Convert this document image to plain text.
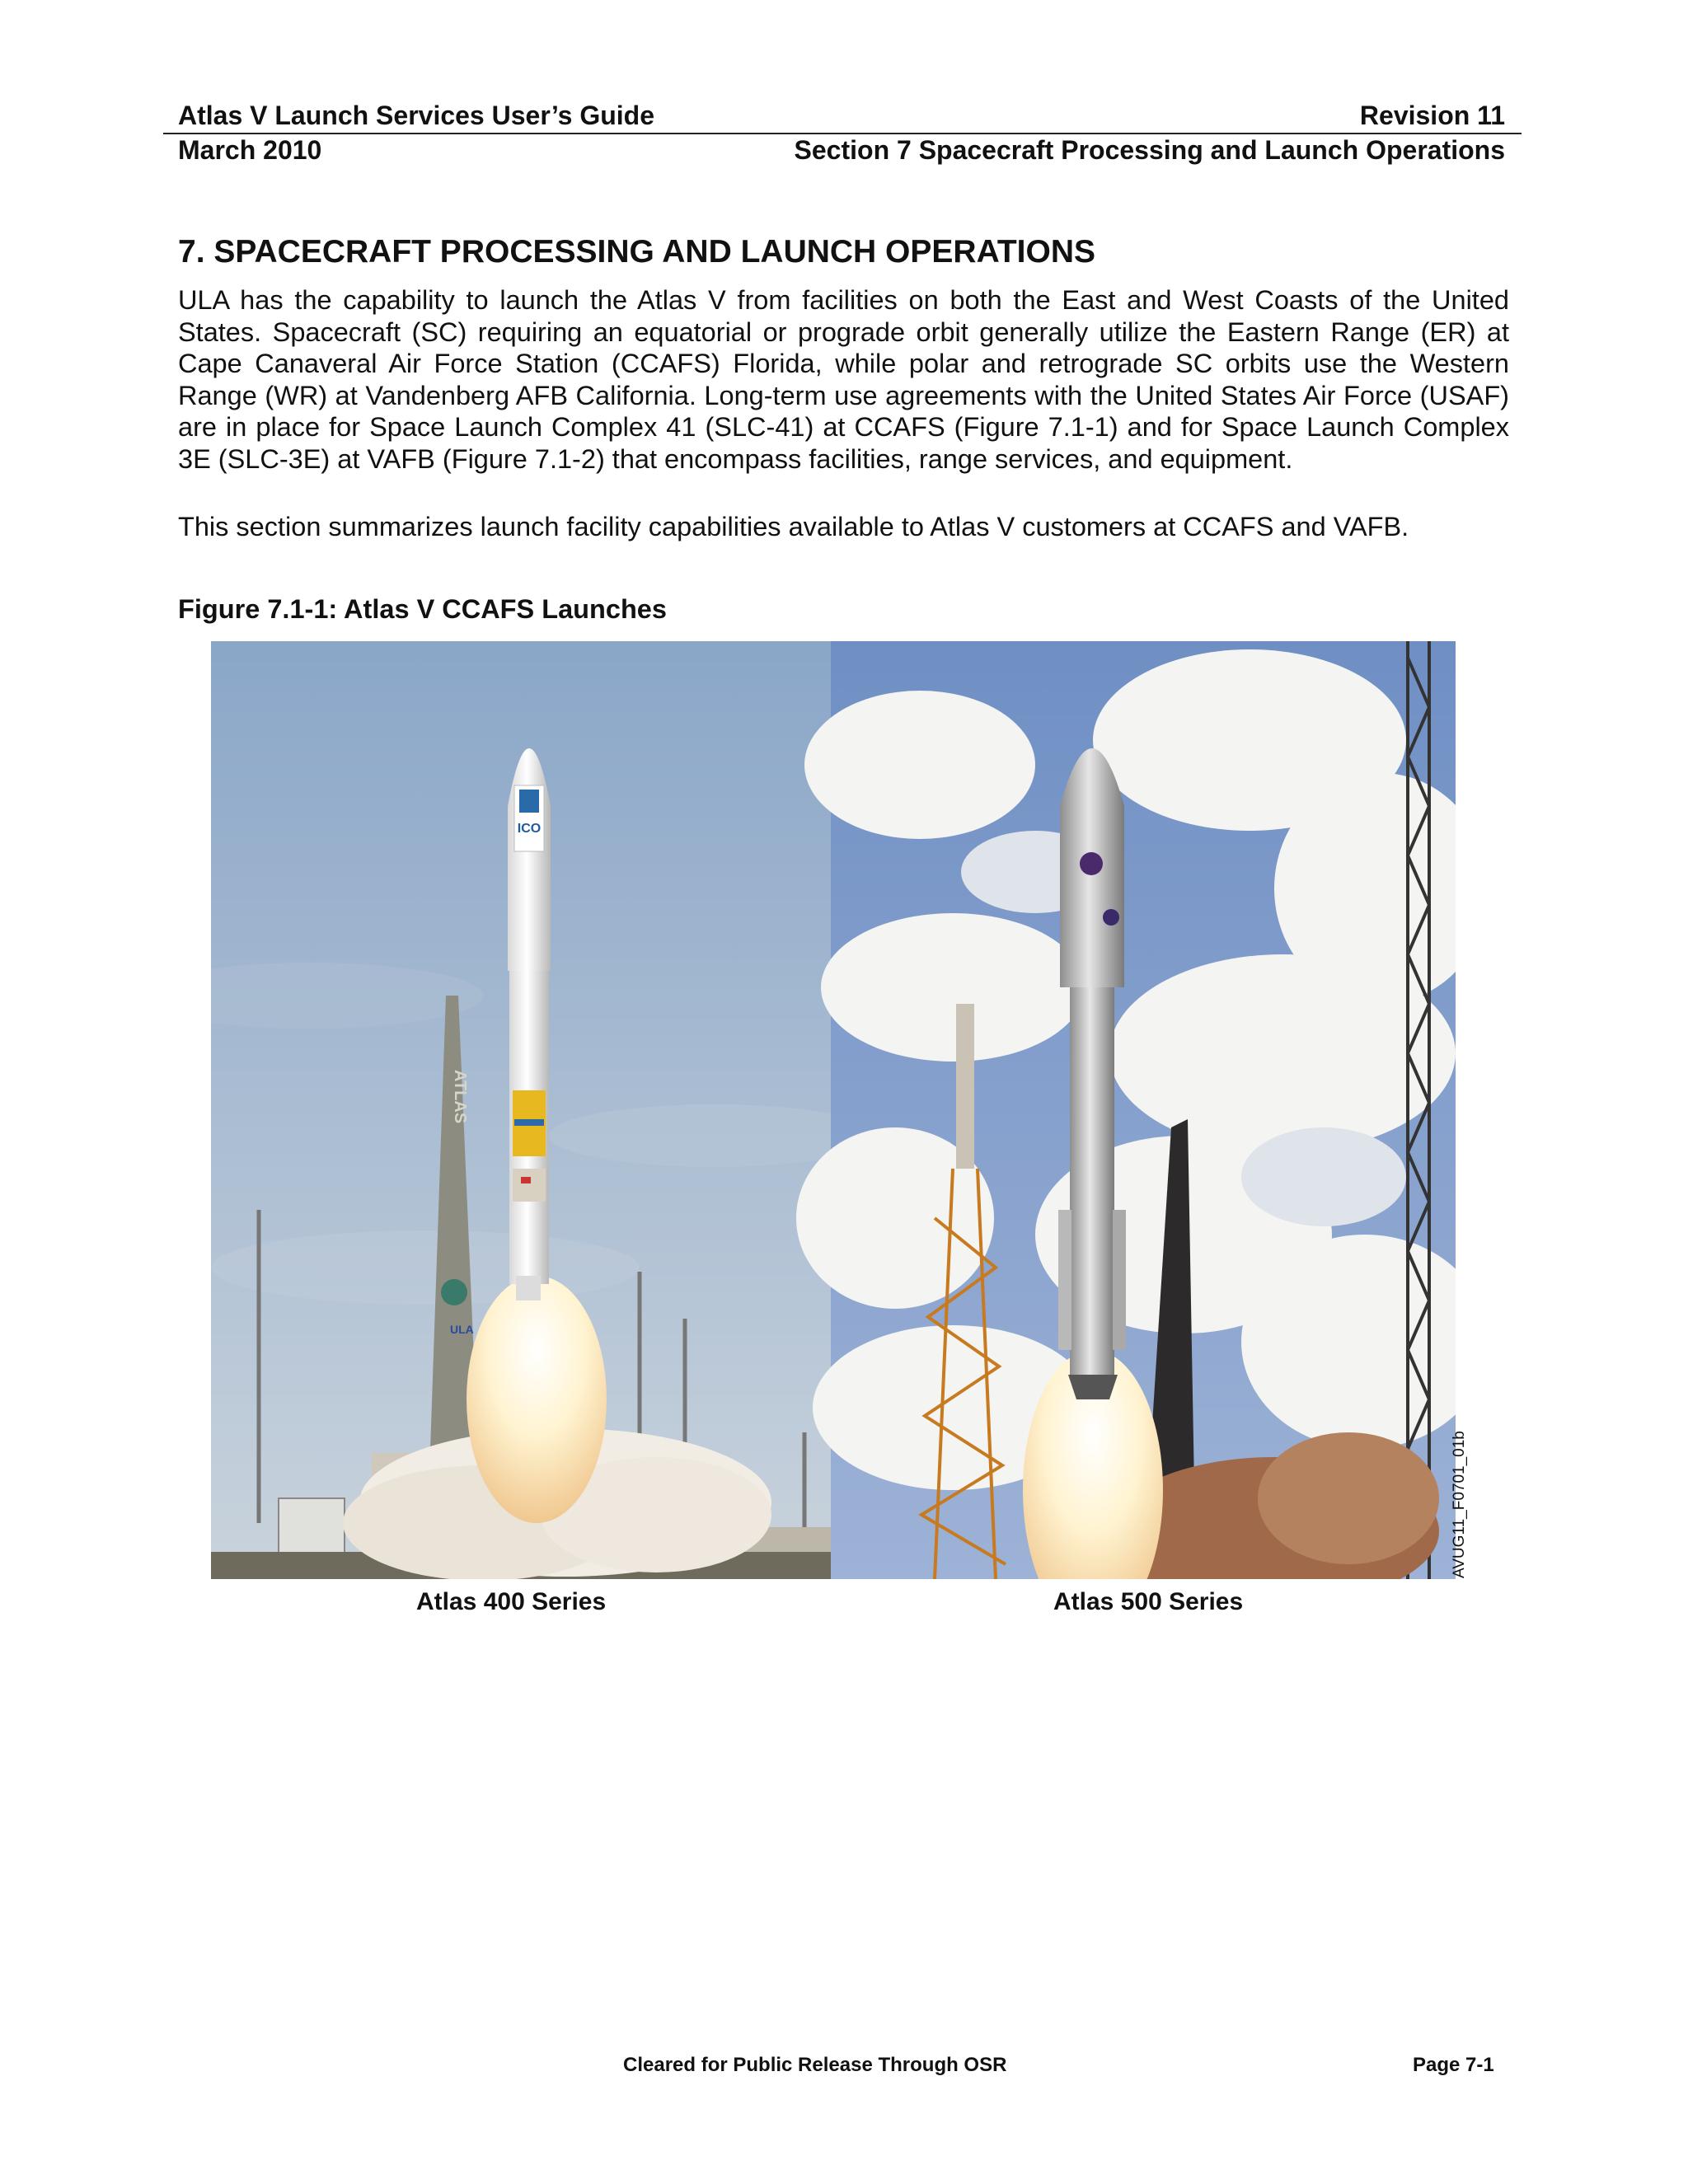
Atlas V Launch Services User’s Guide	Revision 11
March 2010	Section 7 Spacecraft Processing and Launch Operations
7. SPACECRAFT PROCESSING AND LAUNCH OPERATIONS

ULA has the capability to launch the Atlas V from facilities on both the East and West Coasts of the United States. Spacecraft (SC) requiring an equatorial or prograde orbit generally utilize the Eastern Range (ER) at Cape Canaveral Air Force Station (CCAFS) Florida, while polar and retrograde SC orbits use the Western Range (WR) at Vandenberg AFB California. Long-term use agreements with the United States Air Force (USAF) are in place for Space Launch Complex 41 (SLC-41) at CCAFS (Figure 7.1-1) and for Space Launch Complex 3E (SLC-3E) at VAFB (Figure 7.1-2) that encompass facilities, range services, and equipment.

This section summarizes launch facility capabilities available to Atlas V customers at CCAFS and VAFB.

Figure 7.1-1: Atlas V CCAFS Launches

ICO
ATLAS
ULA
AVUG11_F0701_01b
Atlas 400 Series	Atlas 500 Series
Cleared for Public Release Through OSR	Page 7-1
